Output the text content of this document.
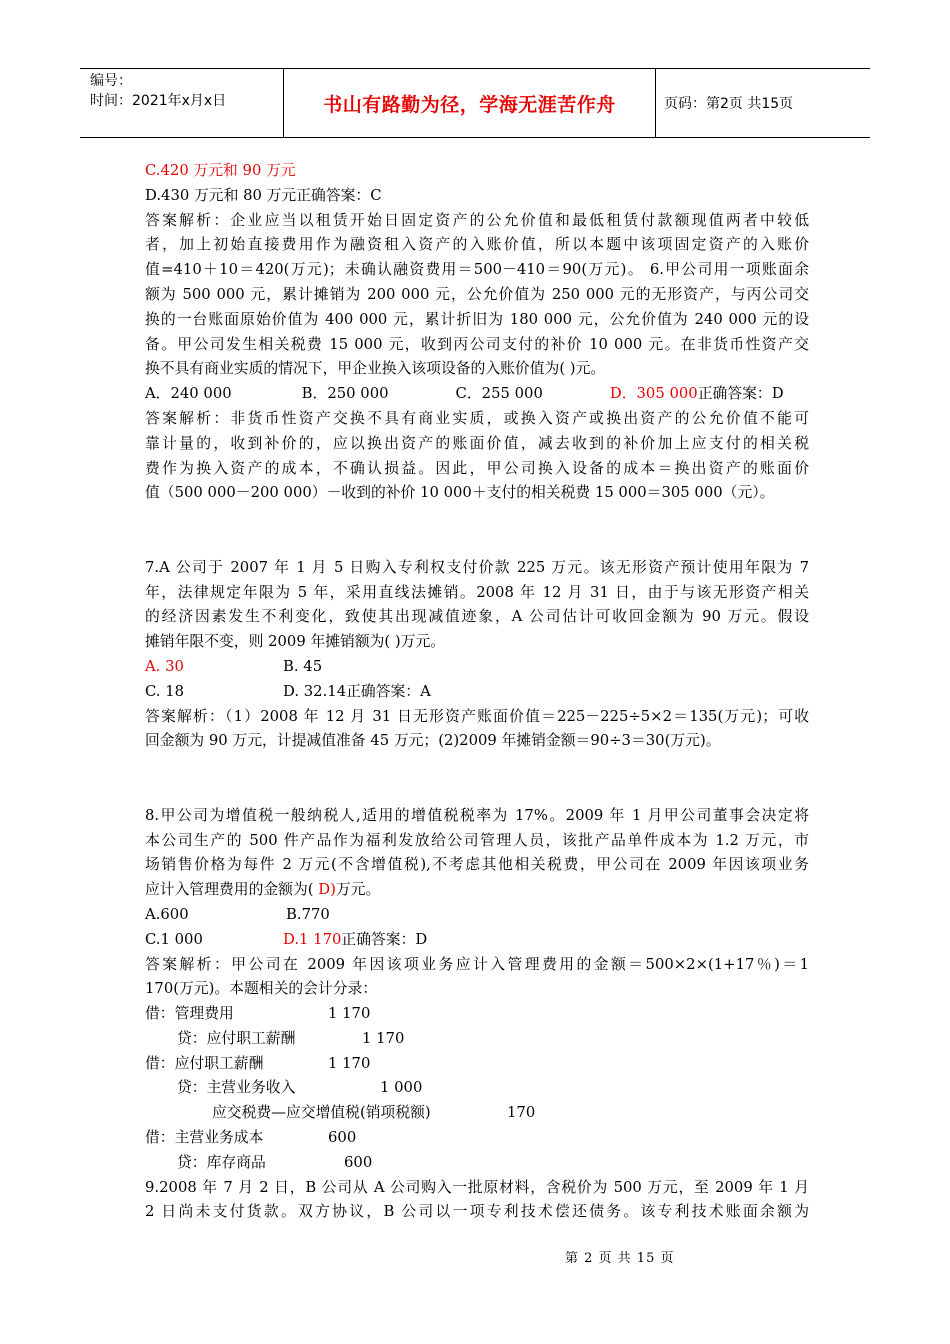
编号：
时间：2021年x月x日	书山有路勤为径，学海无涯苦作舟	页码：第2页 共15页
C.420 万元和 90 万元
D.430 万元和 80 万元正确答案：C
答案解析：企业应当以租赁开始日固定资产的公允价值和最低租赁付款额现值两者中较低
者，加上初始直接费用作为融资租入资产的入账价值，所以本题中该项固定资产的入账价
值=410＋10＝420(万元)；未确认融资费用＝500－410＝90(万元)。 6.甲公司用一项账面余
额为 500 000 元，累计摊销为 200 000 元，公允价值为 250 000 元的无形资产，与丙公司交
换的一台账面原始价值为 400 000 元，累计折旧为 180 000 元，公允价值为 240 000 元的设
备。甲公司发生相关税费 15 000 元，收到丙公司支付的补价 10 000 元。在非货币性资产交
换不具有商业实质的情况下，甲企业换入该项设备的入账价值为( )元。
A．240 000	B．250 000	C．255 000	D．305 000正确答案：D
答案解析：非货币性资产交换不具有商业实质，或换入资产或换出资产的公允价值不能可
靠计量的，收到补价的，应以换出资产的账面价值，减去收到的补价加上应支付的相关税
费作为换入资产的成本，不确认损益。因此，甲公司换入设备的成本＝换出资产的账面价
值（500 000－200 000）－收到的补价 10 000＋支付的相关税费 15 000＝305 000（元）。
7.A 公司于 2007 年 1 月 5 日购入专利权支付价款 225 万元。该无形资产预计使用年限为 7
年，法律规定年限为 5 年，采用直线法摊销。2008 年 12 月 31 日，由于与该无形资产相关
的经济因素发生不利变化，致使其出现减值迹象，A 公司估计可收回金额为 90 万元。假设
摊销年限不变，则 2009 年摊销额为( )万元。
A. 30	B. 45
C. 18	D. 32.14正确答案：A
答案解析：（1）2008 年 12 月 31 日无形资产账面价值＝225－225÷5×2＝135(万元)；可收
回金额为 90 万元，计提减值准备 45 万元；(2)2009 年摊销金额＝90÷3＝30(万元)。
8.甲公司为增值税一般纳税人,适用的增值税税率为 17%。2009 年 1 月甲公司董事会决定将
本公司生产的 500 件产品作为福利发放给公司管理人员，该批产品单件成本为 1.2 万元，市
场销售价格为每件 2 万元(不含增值税),不考虑其他相关税费，甲公司在 2009 年因该项业务
应计入管理费用的金额为( D)万元。
A.600	B.770
C.1 000	D.1 170正确答案：D
答案解析：甲公司在 2009 年因该项业务应计入管理费用的金额＝500×2×(1+17％)＝1
170(万元)。本题相关的会计分录：
借：管理费用	1 170
贷：应付职工薪酬	1 170
借：应付职工薪酬	1 170
贷：主营业务收入	1 000
应交税费—应交增值税(销项税额)	170
借：主营业务成本	600
贷：库存商品	600
9.2008 年 7 月 2 日，B 公司从 A 公司购入一批原材料，含税价为 500 万元，至 2009 年 1 月
2 日尚未支付货款。双方协议，B 公司以一项专利技术偿还债务。该专利技术账面余额为
第 2 页 共 15 页
